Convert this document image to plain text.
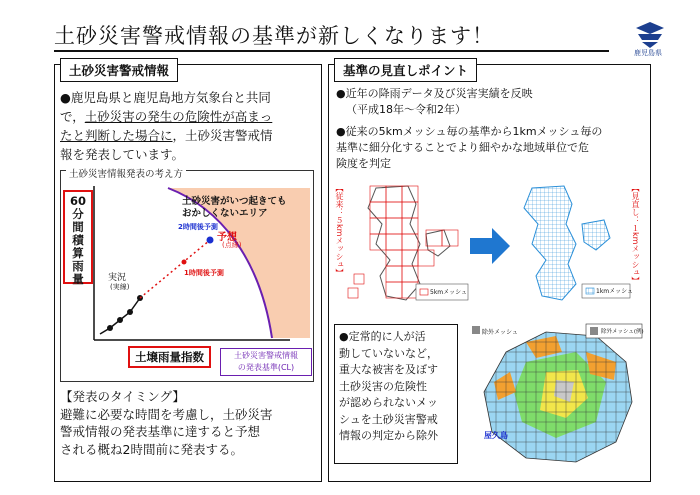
土砂災害警戒情報の基準が新しくなります！
鹿児島県
土砂災害警戒情報
●鹿児島県と鹿児島地方気象台と共同
で，土砂災害の発生の危険性が高まっ
たと判断した場合に，土砂災害警戒情
報を発表しています。
土砂災害情報発表の考え方
60
分
間
積
算
雨
量
土砂災害がいつ起きても
おかしくないエリア
2時間後予測
予想
(点線)
1時間後予測
実況
(実線)
土壌雨量指数	土砂災害警戒情報
の発表基準(CL)
【発表のタイミング】
避難に必要な時間を考慮し，土砂災害
警戒情報の発表基準に達すると予想
される概ね2時間前に発表する。
基準の見直しポイント
●近年の降雨データ及び災害実績を反映
（平成18年～令和2年）
●従来の5kmメッシュ毎の基準から1kmメッシュ毎の
基準に細分化することでより細やかな地域単位で危
険度を判定
【従来：５kmメッシュ】
5kmメッシュ	1kmメッシュ
【見直し：１kmメッシュ】
●定常的に人が活
動していないなど，
重大な被害を及ぼす
土砂災害の危険性
が認められないメッ
シュを土砂災害警戒
情報の判定から除外
除外メッシュ	除外メッシュ(例)
屋久島
